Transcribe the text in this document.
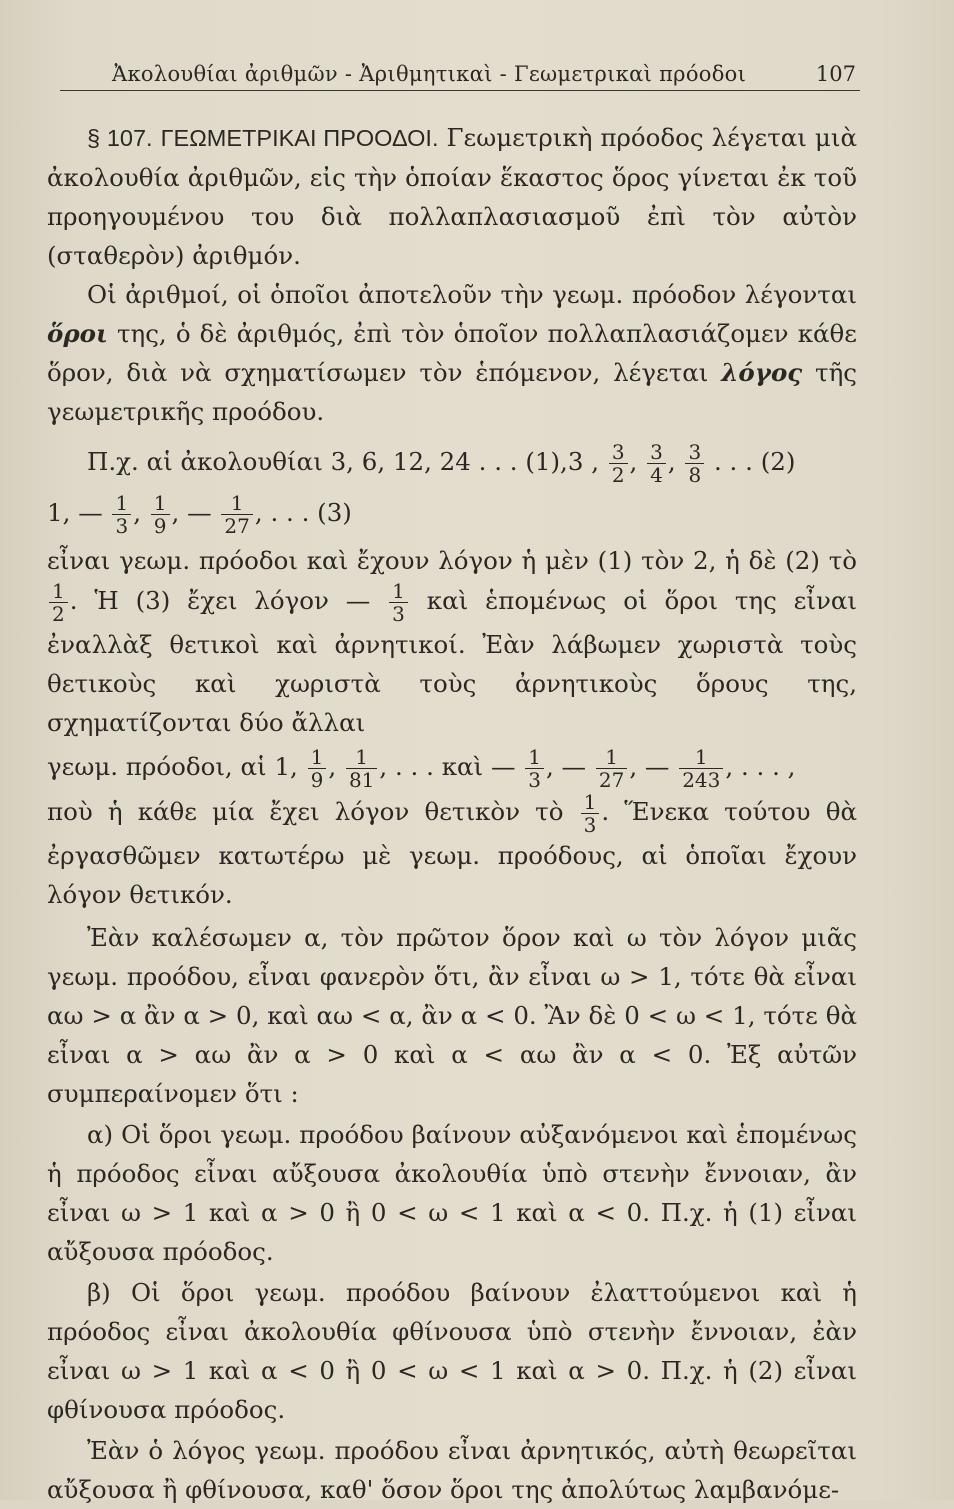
Ἀκολουθίαι ἀριθμῶν - Ἀριθμητικαὶ - Γεωμετρικαὶ πρόοδοι	107

§ 107. ΓΕΩΜΕΤΡΙΚΑΙ ΠΡΟΟΔΟΙ. Γεωμετρικὴ πρόοδος λέγεται μιὰ ἀκολουθία ἀριθμῶν, εἰς τὴν ὁποίαν ἕκαστος ὅρος γίνεται ἐκ τοῦ προηγουμένου του διὰ πολλαπλασιασμοῦ ἐπὶ τὸν αὐτὸν (σταθερὸν) ἀριθμόν.

Οἱ ἀριθμοί, οἱ ὁποῖοι ἀποτελοῦν τὴν γεωμ. πρόοδον λέγονται ὅροι της, ὁ δὲ ἀριθμός, ἐπὶ τὸν ὁποῖον πολλαπλασιάζομεν κάθε ὅρον, διὰ νὰ σχηματίσωμεν τὸν ἑπόμενον, λέγεται λόγος τῆς γεωμετρικῆς προόδου.

Π.χ. αἱ ἀκολουθίαι 3, 6, 12, 24 . . . (1),3 , $\frac{3}{2}$ , $\frac{3}{4}$ , $\frac{3}{8}$ . . . (2)
1, — $\frac{1}{3}$ , $\frac{1}{9}$ , — $\frac{1}{27}$ , . . . (3)

εἶναι γεωμ. πρόοδοι καὶ ἔχουν λόγον ἡ μὲν (1) τὸν 2, ἡ δὲ (2) τὸ
$\frac{1}{2}$ . Ἡ (3) ἔχει λόγον — $\frac{1}{3}$ καὶ ἑπομένως οἱ ὅροι της εἶναι ἐναλλὰξ θετικοὶ καὶ ἀρνητικοί. Ἐὰν λάβωμεν χωριστὰ τοὺς θετικοὺς καὶ χωριστὰ τοὺς ἀρνητικοὺς ὅρους της, σχηματίζονται δύο ἄλλαι

γεωμ. πρόοδοι, αἱ 1, $\frac{1}{9}$ , $\frac{1}{81}$ , . . . καὶ — $\frac{1}{3}$ , — $\frac{1}{27}$ , — $\frac{1}{243}$ , . . . ,

ποὺ ἡ κάθε μία ἔχει λόγον θετικὸν τὸ $\frac{1}{3}$ . Ἕνεκα τούτου θὰ ἐργασθῶμεν κατωτέρω μὲ γεωμ. προόδους, αἱ ὁποῖαι ἔχουν λόγον θετικόν.

Ἐὰν καλέσωμεν α, τὸν πρῶτον ὅρον καὶ ω τὸν λόγον μιᾶς γεωμ. προόδου, εἶναι φανερὸν ὅτι, ἂν εἶναι ω > 1, τότε θὰ εἶναι αω > α ἂν α > 0, καὶ αω < α, ἂν α < 0. Ἂν δὲ 0 < ω < 1, τότε θὰ εἶναι α > αω ἂν α > 0 καὶ α < αω ἂν α < 0. Ἐξ αὐτῶν συμπεραίνομεν ὅτι :

α) Οἱ ὅροι γεωμ. προόδου βαίνουν αὐξανόμενοι καὶ ἑπομένως ἡ πρόοδος εἶναι αὔξουσα ἀκολουθία ὑπὸ στενὴν ἔννοιαν, ἂν εἶναι ω > 1 καὶ α > 0 ἢ 0 < ω < 1 καὶ α < 0. Π.χ. ἡ (1) εἶναι αὔξουσα πρόοδος.

β) Οἱ ὅροι γεωμ. προόδου βαίνουν ἐλαττούμενοι καὶ ἡ πρόοδος εἶναι ἀκολουθία φθίνουσα ὑπὸ στενὴν ἔννοιαν, ἐὰν εἶναι ω > 1 καὶ α < 0 ἢ 0 < ω < 1 καὶ α > 0. Π.χ. ἡ (2) εἶναι φθίνουσα πρόοδος.

Ἐὰν ὁ λόγος γεωμ. προόδου εἶναι ἀρνητικός, αὐτὴ θεωρεῖται αὔξουσα ἢ φθίνουσα, καθ' ὅσον ὅροι της ἀπολύτως λαμβανόμε-
